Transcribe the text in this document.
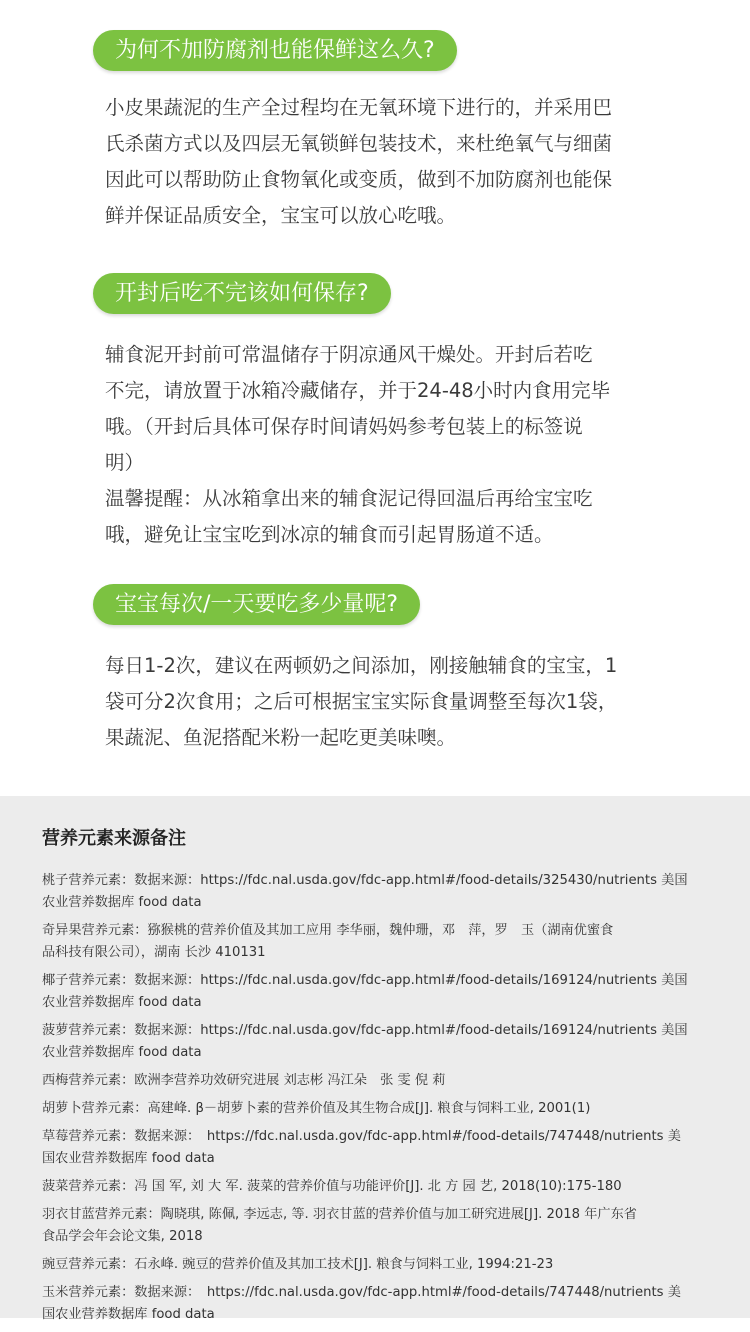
为何不加防腐剂也能保鲜这么久?
小皮果蔬泥的生产全过程均在无氧环境下进行的，并采用巴
氏杀菌方式以及四层无氧锁鲜包装技术，来杜绝氧气与细菌
因此可以帮助防止食物氧化或变质，做到不加防腐剂也能保
鲜并保证品质安全，宝宝可以放心吃哦。
开封后吃不完该如何保存?
辅食泥开封前可常温储存于阴凉通风干燥处。开封后若吃
不完，请放置于冰箱冷藏储存，并于24-48小时内食用完毕
哦。（开封后具体可保存时间请妈妈参考包装上的标签说
明）
温馨提醒：从冰箱拿出来的辅食泥记得回温后再给宝宝吃
哦，避免让宝宝吃到冰凉的辅食而引起胃肠道不适。
宝宝每次/一天要吃多少量呢?
每日1-2次，建议在两顿奶之间添加，刚接触辅食的宝宝，1
袋可分2次食用；之后可根据宝宝实际食量调整至每次1袋，
果蔬泥、鱼泥搭配米粉一起吃更美味噢。
营养元素来源备注
桃子营养元素：数据来源：https://fdc.nal.usda.gov/fdc-app.html#/food-details/325430/nutrients 美国
农业营养数据库 food data
奇异果营养元素：猕猴桃的营养价值及其加工应用 李华丽，魏仲珊，邓　萍，罗　玉（湖南优蜜食
品科技有限公司），湖南 长沙 410131
椰子营养元素：数据来源：https://fdc.nal.usda.gov/fdc-app.html#/food-details/169124/nutrients 美国
农业营养数据库 food data
菠萝营养元素：数据来源：https://fdc.nal.usda.gov/fdc-app.html#/food-details/169124/nutrients 美国
农业营养数据库 food data
西梅营养元素：欧洲李营养功效研究进展 刘志彬 冯江朵　张 雯 倪 莉
胡萝卜营养元素：高建峰. β－胡萝卜素的营养价值及其生物合成[J]. 粮食与饲料工业, 2001(1)
草莓营养元素：数据来源：　https://fdc.nal.usda.gov/fdc-app.html#/food-details/747448/nutrients 美
国农业营养数据库 food data
菠菜营养元素：冯 国 军, 刘 大 军. 菠菜的营养价值与功能评价[J]. 北 方 园 艺, 2018(10):175-180
羽衣甘蓝营养元素：陶晓琪, 陈佩, 李远志, 等. 羽衣甘蓝的营养价值与加工研究进展[J]. 2018 年广东省
食品学会年会论文集, 2018
豌豆营养元素：石永峰. 豌豆的营养价值及其加工技术[J]. 粮食与饲料工业, 1994:21-23
玉米营养元素：数据来源：　https://fdc.nal.usda.gov/fdc-app.html#/food-details/747448/nutrients 美
国农业营养数据库 food data
